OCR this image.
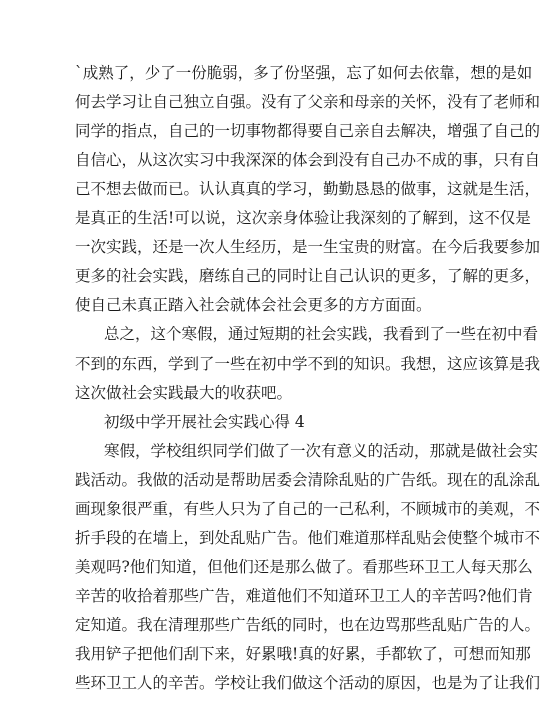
`成熟了，少了一份脆弱，多了份坚强，忘了如何去依靠，想的是如
何去学习让自己独立自强。没有了父亲和母亲的关怀，没有了老师和
同学的指点，自己的一切事物都得要自己亲自去解决，增强了自己的
自信心，从这次实习中我深深的体会到没有自己办不成的事，只有自
己不想去做而已。认认真真的学习，勤勤恳恳的做事，这就是生活，
是真正的生活!可以说，这次亲身体验让我深刻的了解到，这不仅是
一次实践，还是一次人生经历，是一生宝贵的财富。在今后我要参加
更多的社会实践，磨练自己的同时让自己认识的更多，了解的更多，
使自己未真正踏入社会就体会社会更多的方方面面。
总之，这个寒假，通过短期的社会实践，我看到了一些在初中看
不到的东西，学到了一些在初中学不到的知识。我想，这应该算是我
这次做社会实践最大的收获吧。
初级中学开展社会实践心得 4
寒假，学校组织同学们做了一次有意义的活动，那就是做社会实
践活动。我做的活动是帮助居委会清除乱贴的广告纸。现在的乱涂乱
画现象很严重，有些人只为了自己的一己私利，不顾城市的美观，不
折手段的在墙上，到处乱贴广告。他们难道那样乱贴会使整个城市不
美观吗?他们知道，但他们还是那么做了。看那些环卫工人每天那么
辛苦的收拾着那些广告，难道他们不知道环卫工人的辛苦吗?他们肯
定知道。我在清理那些广告纸的同时，也在边骂那些乱贴广告的人。
我用铲子把他们刮下来，好累哦!真的好累，手都软了，可想而知那
些环卫工人的辛苦。学校让我们做这个活动的原因，也是为了让我们
